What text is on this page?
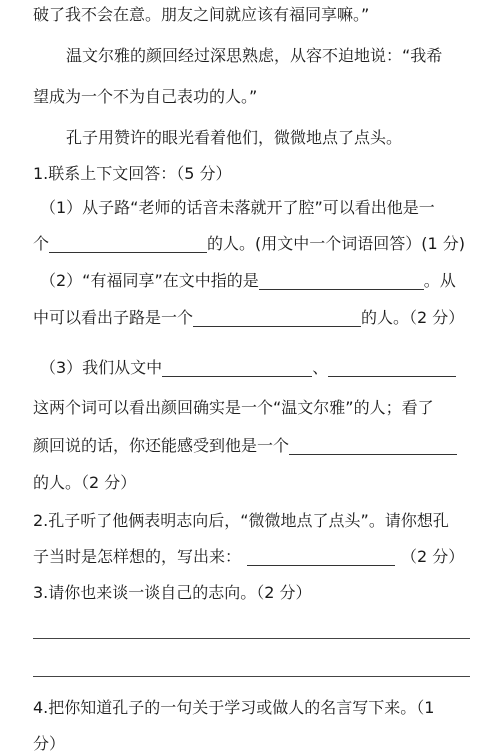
破了我不会在意。朋友之间就应该有福同享嘛。”
温文尔雅的颜回经过深思熟虑，从容不迫地说：“我希
望成为一个不为自己表功的人。”
孔子用赞许的眼光看着他们，微微地点了点头。
1.联系上下文回答：（5 分）
（1）从子路“老师的话音未落就开了腔”可以看出他是一
个	的人。(用文中一个词语回答）(1 分)
（2）“有福同享”在文中指的是	。从
中可以看出子路是一个	的人。（2 分）
（3）我们从文中	、
这两个词可以看出颜回确实是一个“温文尔雅”的人；看了
颜回说的话，你还能感受到他是一个
的人。（2 分）
2.孔子听了他俩表明志向后，“微微地点了点头”。请你想孔
子当时是怎样想的，写出来：	（2 分）
3.请你也来谈一谈自己的志向。（2 分）
4.把你知道孔子的一句关于学习或做人的名言写下来。（1
分）
